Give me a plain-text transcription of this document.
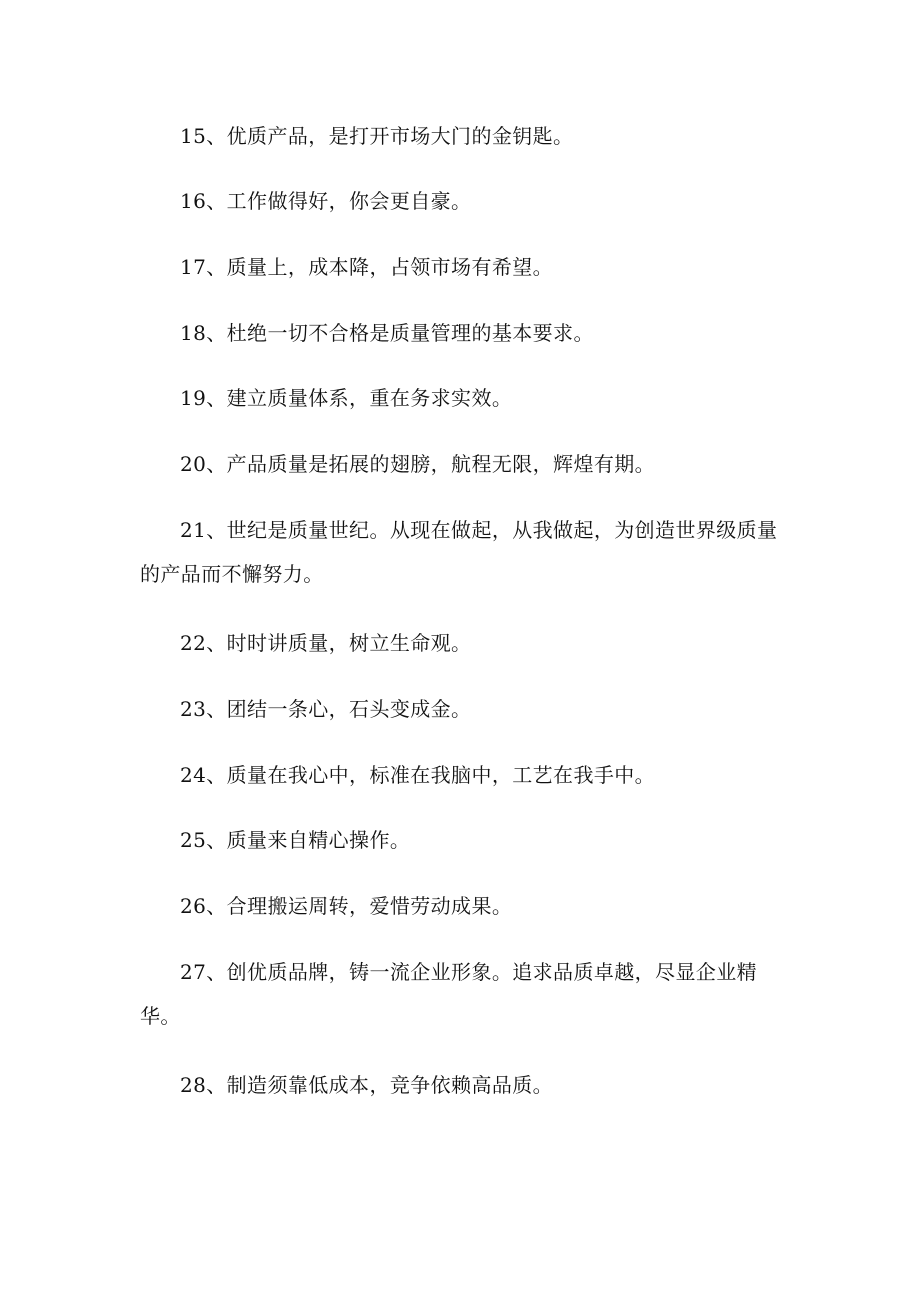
15、优质产品，是打开市场大门的金钥匙。

16、工作做得好，你会更自豪。

17、质量上，成本降，占领市场有希望。

18、杜绝一切不合格是质量管理的基本要求。

19、建立质量体系，重在务求实效。

20、产品质量是拓展的翅膀，航程无限，辉煌有期。

21、世纪是质量世纪。从现在做起，从我做起，为创造世界级质量的产品而不懈努力。

22、时时讲质量，树立生命观。

23、团结一条心，石头变成金。

24、质量在我心中，标准在我脑中，工艺在我手中。

25、质量来自精心操作。

26、合理搬运周转，爱惜劳动成果。

27、创优质品牌，铸一流企业形象。追求品质卓越，尽显企业精华。

28、制造须靠低成本，竞争依赖高品质。
